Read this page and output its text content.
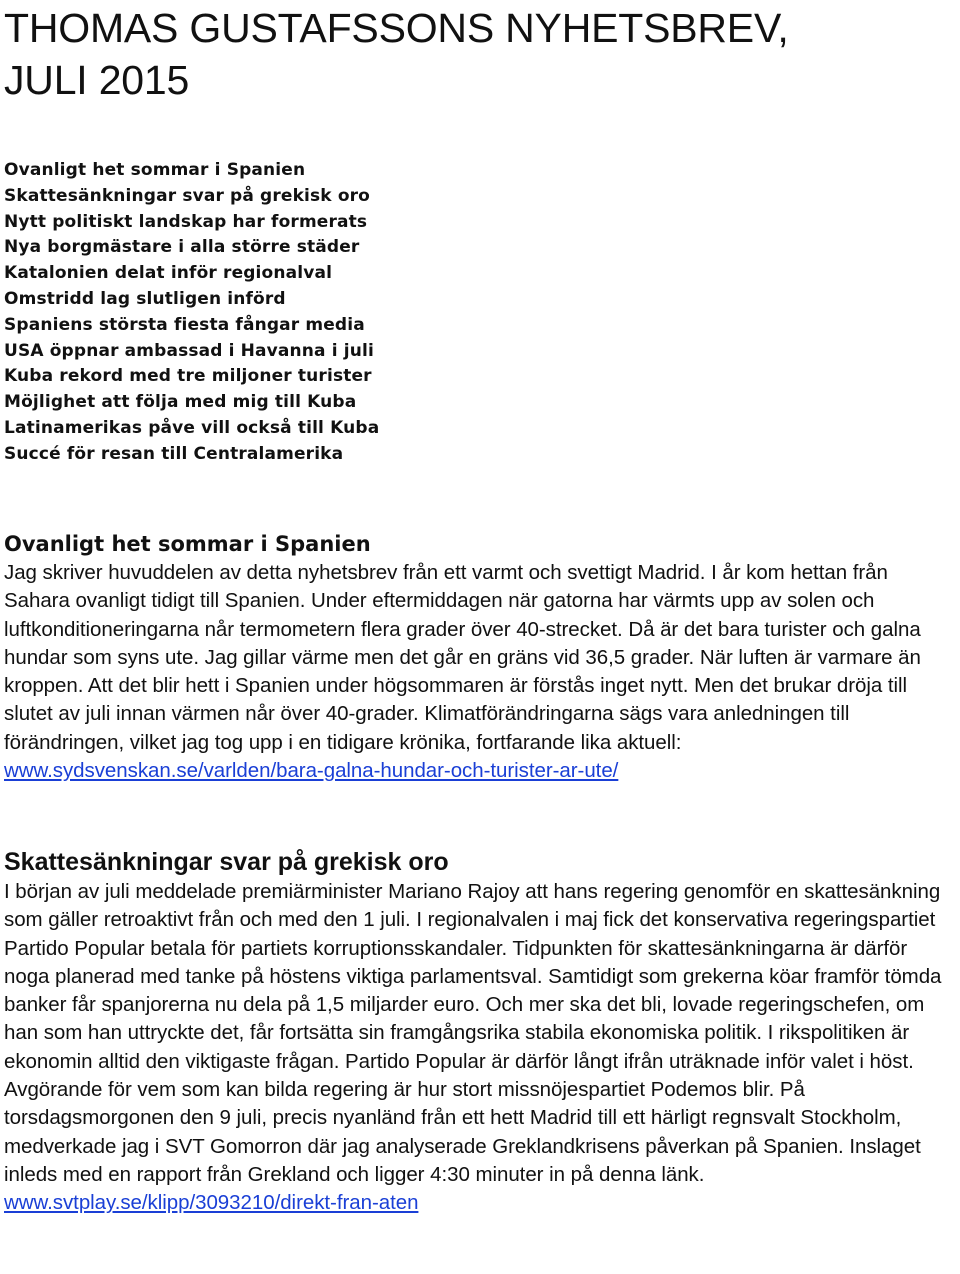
THOMAS GUSTAFSSONS NYHETSBREV,
JULI 2015
Ovanligt het sommar i Spanien
Skattesänkningar svar på grekisk oro
Nytt politiskt landskap har formerats
Nya borgmästare i alla större städer
Katalonien delat inför regionalval
Omstridd lag slutligen införd
Spaniens största fiesta fångar media
USA öppnar ambassad i Havanna i juli
Kuba rekord med tre miljoner turister
Möjlighet att följa med mig till Kuba
Latinamerikas påve vill också till Kuba
Succé för resan till Centralamerika
Ovanligt het sommar i Spanien

Jag skriver huvuddelen av detta nyhetsbrev från ett varmt och svettigt Madrid. I år kom hettan från Sahara ovanligt tidigt till Spanien. Under eftermiddagen när gatorna har värmts upp av solen och luftkonditioneringarna når termometern flera grader över 40-strecket. Då är det bara turister och galna hundar som syns ute. Jag gillar värme men det går en gräns vid 36,5 grader. När luften är varmare än kroppen. Att det blir hett i Spanien under högsommaren är förstås inget nytt. Men det brukar dröja till slutet av juli innan värmen når över 40-grader. Klimatförändringarna sägs vara anledningen till förändringen, vilket jag tog upp i en tidigare krönika, fortfarande lika aktuell: www.sydsvenskan.se/varlden/bara-galna-hundar-och-turister-ar-ute/

Skattesänkningar svar på grekisk oro

I början av juli meddelade premiärminister Mariano Rajoy att hans regering genomför en skattesänkning som gäller retroaktivt från och med den 1 juli. I regionalvalen i maj fick det konservativa regeringspartiet Partido Popular betala för partiets korruptionsskandaler. Tidpunkten för skattesänkningarna är därför noga planerad med tanke på höstens viktiga parlamentsval. Samtidigt som grekerna köar framför tömda banker får spanjorerna nu dela på 1,5 miljarder euro. Och mer ska det bli, lovade regeringschefen, om han som han uttryckte det, får fortsätta sin framgångsrika stabila ekonomiska politik. I rikspolitiken är ekonomin alltid den viktigaste frågan. Partido Popular är därför långt ifrån uträknade inför valet i höst. Avgörande för vem som kan bilda regering är hur stort missnöjespartiet Podemos blir. På torsdagsmorgonen den 9 juli, precis nyanländ från ett hett Madrid till ett härligt regnsvalt Stockholm, medverkade jag i SVT Gomorron där jag analyserade Greklandkrisens påverkan på Spanien. Inslaget inleds med en rapport från Grekland och ligger 4:30 minuter in på denna länk. www.svtplay.se/klipp/3093210/direkt-fran-aten
